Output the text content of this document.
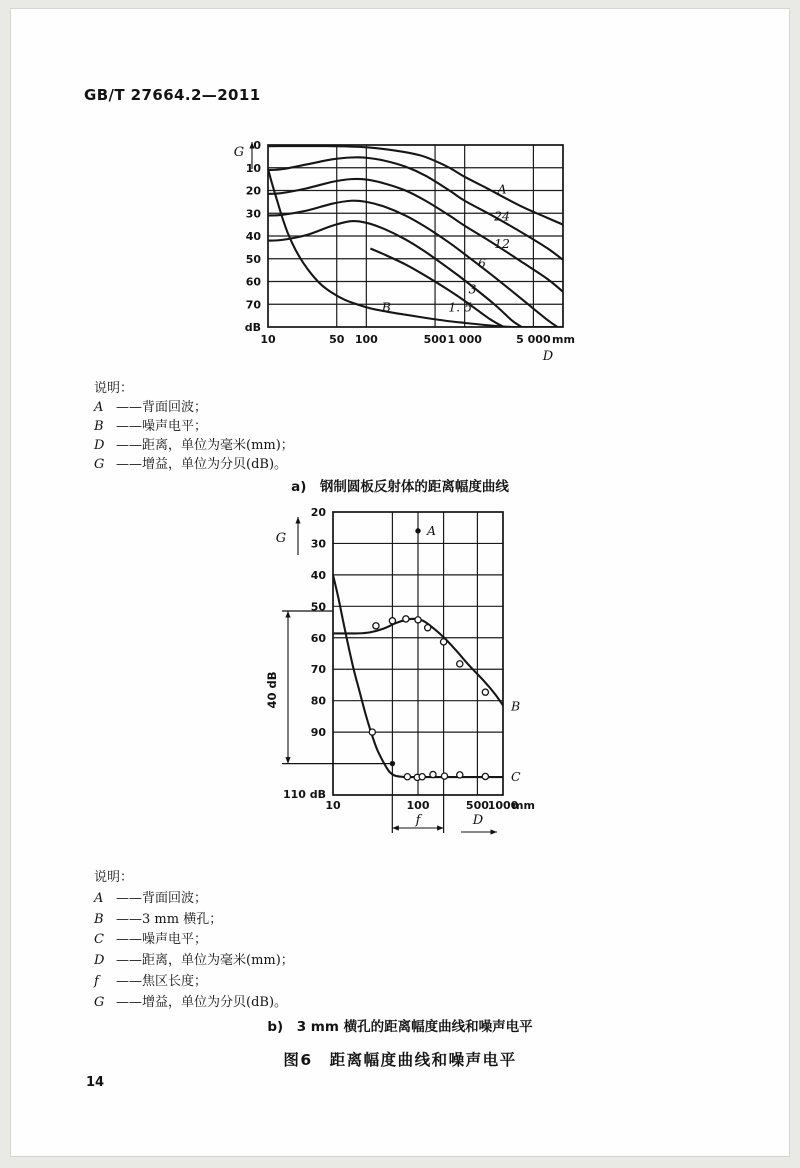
GB/T 27664.2—2011
A
24
12
6
3
1. 5
B
10	50 100	500 1 000	5 000
0
10
20
30
40
50
60
70
dB
G
mm
D
说明：
A ——背面回波；
B ——噪声电平；
D ——距离，单位为毫米(mm)；
G ——增益，单位为分贝(dB)。
a)　钢制圆板反射体的距离幅度曲线
A
B
C
10	100	500
1000
20
30
40
50
60
70
80
90
G
110 dB
mm
40 dB
f	D
说明：
A ——背面回波；
B ——3 mm 横孔；
C ——噪声电平；
D ——距离，单位为毫米(mm)；
f ——焦区长度；
G ——增益，单位为分贝(dB)。
b)　3 mm 横孔的距离幅度曲线和噪声电平
图6　距离幅度曲线和噪声电平
14
